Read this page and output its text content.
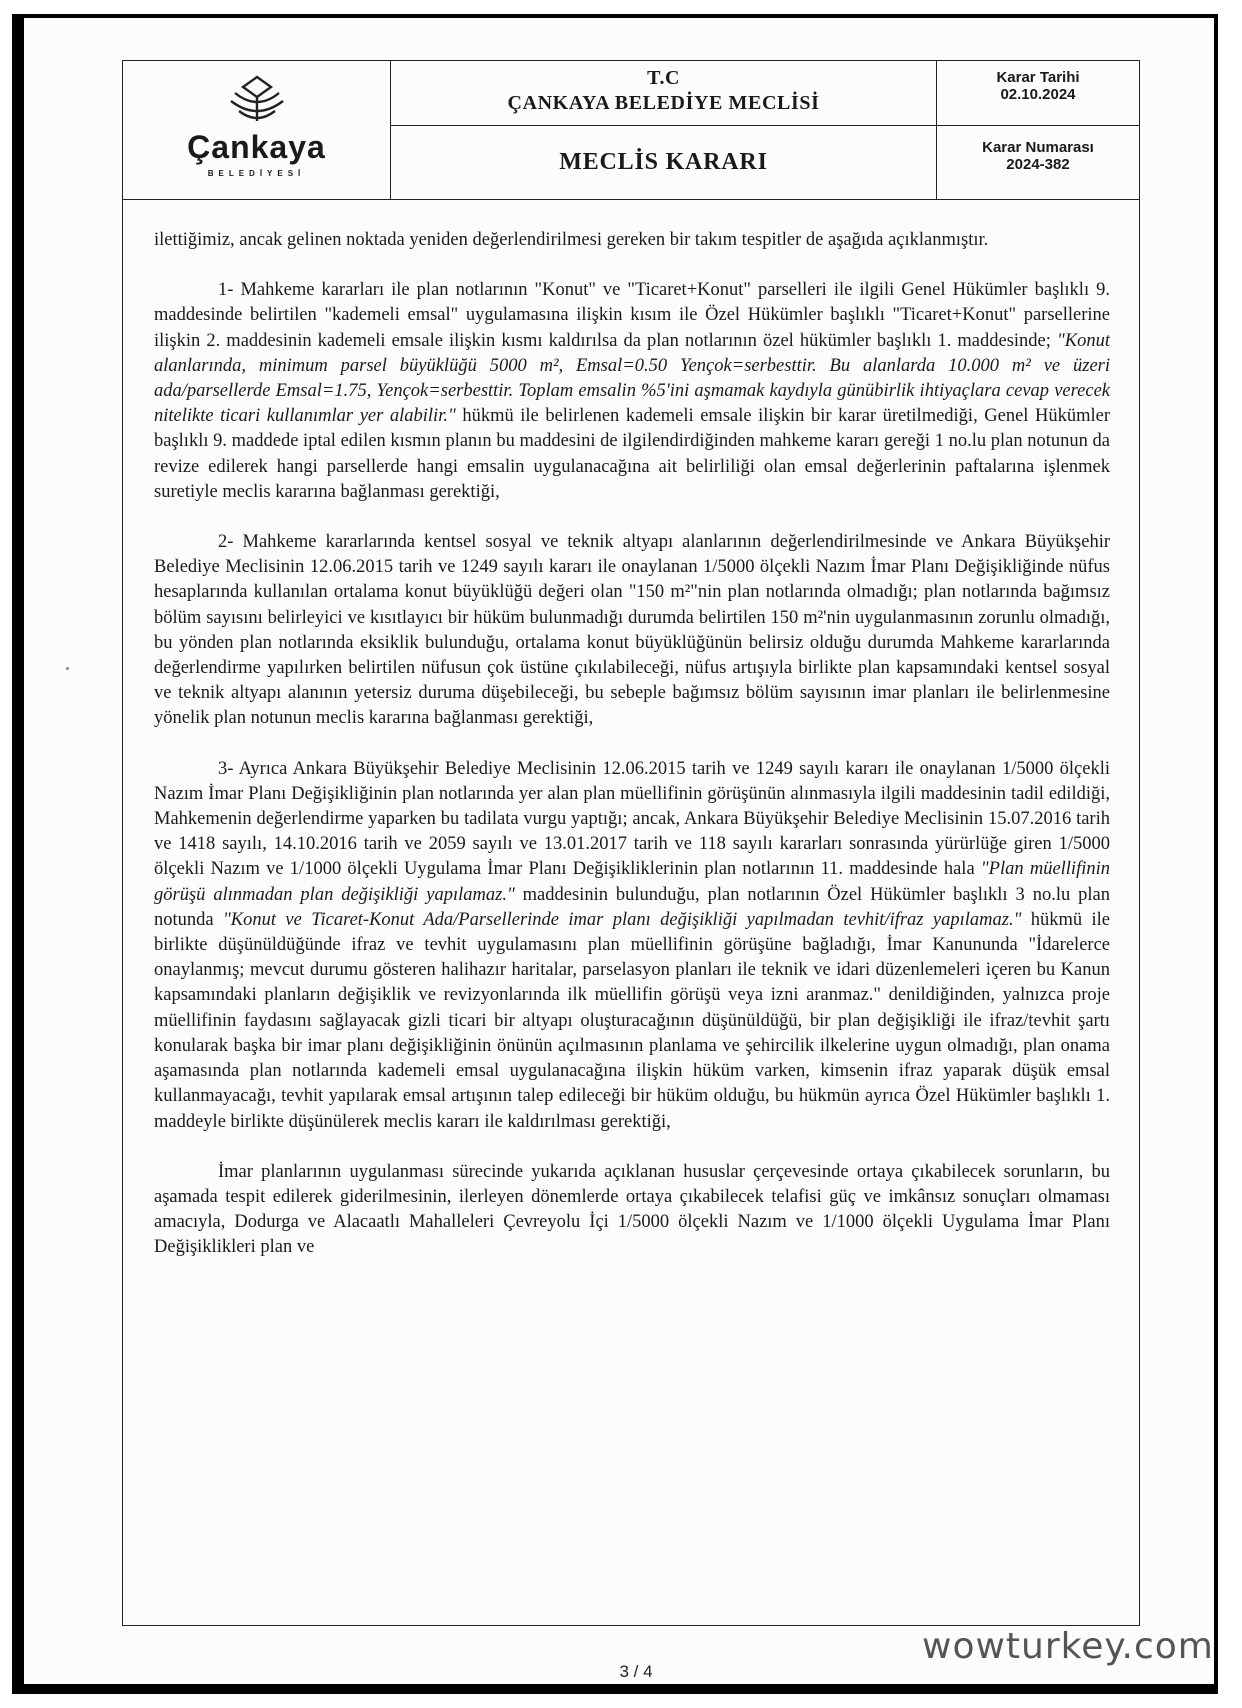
Çankaya
BELEDİYESİ
T.C
ÇANKAYA BELEDİYE MECLİSİ
MECLİS KARARI
Karar Tarihi
02.10.2024
Karar Numarası
2024-382

ilettiğimiz, ancak gelinen noktada yeniden değerlendirilmesi gereken bir takım tespitler de aşağıda açıklanmıştır.

1- Mahkeme kararları ile plan notlarının "Konut" ve "Ticaret+Konut" parselleri ile ilgili Genel Hükümler başlıklı 9. maddesinde belirtilen "kademeli emsal" uygulamasına ilişkin kısım ile Özel Hükümler başlıklı "Ticaret+Konut" parsellerine ilişkin 2. maddesinin kademeli emsale ilişkin kısmı kaldırılsa da plan notlarının özel hükümler başlıklı 1. maddesinde; "Konut alanlarında, minimum parsel büyüklüğü 5000 m², Emsal=0.50 Yençok=serbesttir. Bu alanlarda 10.000 m² ve üzeri ada/parsellerde Emsal=1.75, Yençok=serbesttir. Toplam emsalin %5'ini aşmamak kaydıyla günübirlik ihtiyaçlara cevap verecek nitelikte ticari kullanımlar yer alabilir." hükmü ile belirlenen kademeli emsale ilişkin bir karar üretilmediği, Genel Hükümler başlıklı 9. maddede iptal edilen kısmın planın bu maddesini de ilgilendirdiğinden mahkeme kararı gereği 1 no.lu plan notunun da revize edilerek hangi parsellerde hangi emsalin uygulanacağına ait belirliliği olan emsal değerlerinin paftalarına işlenmek suretiyle meclis kararına bağlanması gerektiği,

2- Mahkeme kararlarında kentsel sosyal ve teknik altyapı alanlarının değerlendirilmesinde ve Ankara Büyükşehir Belediye Meclisinin 12.06.2015 tarih ve 1249 sayılı kararı ile onaylanan 1/5000 ölçekli Nazım İmar Planı Değişikliğinde nüfus hesaplarında kullanılan ortalama konut büyüklüğü değeri olan "150 m²"nin plan notlarında olmadığı; plan notlarında bağımsız bölüm sayısını belirleyici ve kısıtlayıcı bir hüküm bulunmadığı durumda belirtilen 150 m²'nin uygulanmasının zorunlu olmadığı, bu yönden plan notlarında eksiklik bulunduğu, ortalama konut büyüklüğünün belirsiz olduğu durumda Mahkeme kararlarında değerlendirme yapılırken belirtilen nüfusun çok üstüne çıkılabileceği, nüfus artışıyla birlikte plan kapsamındaki kentsel sosyal ve teknik altyapı alanının yetersiz duruma düşebileceği, bu sebeple bağımsız bölüm sayısının imar planları ile belirlenmesine yönelik plan notunun meclis kararına bağlanması gerektiği,

3- Ayrıca Ankara Büyükşehir Belediye Meclisinin 12.06.2015 tarih ve 1249 sayılı kararı ile onaylanan 1/5000 ölçekli Nazım İmar Planı Değişikliğinin plan notlarında yer alan plan müellifinin görüşünün alınmasıyla ilgili maddesinin tadil edildiği, Mahkemenin değerlendirme yaparken bu tadilata vurgu yaptığı; ancak, Ankara Büyükşehir Belediye Meclisinin 15.07.2016 tarih ve 1418 sayılı, 14.10.2016 tarih ve 2059 sayılı ve 13.01.2017 tarih ve 118 sayılı kararları sonrasında yürürlüğe giren 1/5000 ölçekli Nazım ve 1/1000 ölçekli Uygulama İmar Planı Değişikliklerinin plan notlarının 11. maddesinde hala "Plan müellifinin görüşü alınmadan plan değişikliği yapılamaz." maddesinin bulunduğu, plan notlarının Özel Hükümler başlıklı 3 no.lu plan notunda "Konut ve Ticaret-Konut Ada/Parsellerinde imar planı değişikliği yapılmadan tevhit/ifraz yapılamaz." hükmü ile birlikte düşünüldüğünde ifraz ve tevhit uygulamasını plan müellifinin görüşüne bağladığı, İmar Kanununda "İdarelerce onaylanmış; mevcut durumu gösteren halihazır haritalar, parselasyon planları ile teknik ve idari düzenlemeleri içeren bu Kanun kapsamındaki planların değişiklik ve revizyonlarında ilk müellifin görüşü veya izni aranmaz." denildiğinden, yalnızca proje müellifinin faydasını sağlayacak gizli ticari bir altyapı oluşturacağının düşünüldüğü, bir plan değişikliği ile ifraz/tevhit şartı konularak başka bir imar planı değişikliğinin önünün açılmasının planlama ve şehircilik ilkelerine uygun olmadığı, plan onama aşamasında plan notlarında kademeli emsal uygulanacağına ilişkin hüküm varken, kimsenin ifraz yaparak düşük emsal kullanmayacağı, tevhit yapılarak emsal artışının talep edileceği bir hüküm olduğu, bu hükmün ayrıca Özel Hükümler başlıklı 1. maddeyle birlikte düşünülerek meclis kararı ile kaldırılması gerektiği,

İmar planlarının uygulanması sürecinde yukarıda açıklanan hususlar çerçevesinde ortaya çıkabilecek sorunların, bu aşamada tespit edilerek giderilmesinin, ilerleyen dönemlerde ortaya çıkabilecek telafisi güç ve imkânsız sonuçları olmaması amacıyla, Dodurga ve Alacaatlı Mahalleleri Çevreyolu İçi 1/5000 ölçekli Nazım ve 1/1000 ölçekli Uygulama İmar Planı Değişiklikleri plan ve

3 / 4
wowturkey.com
